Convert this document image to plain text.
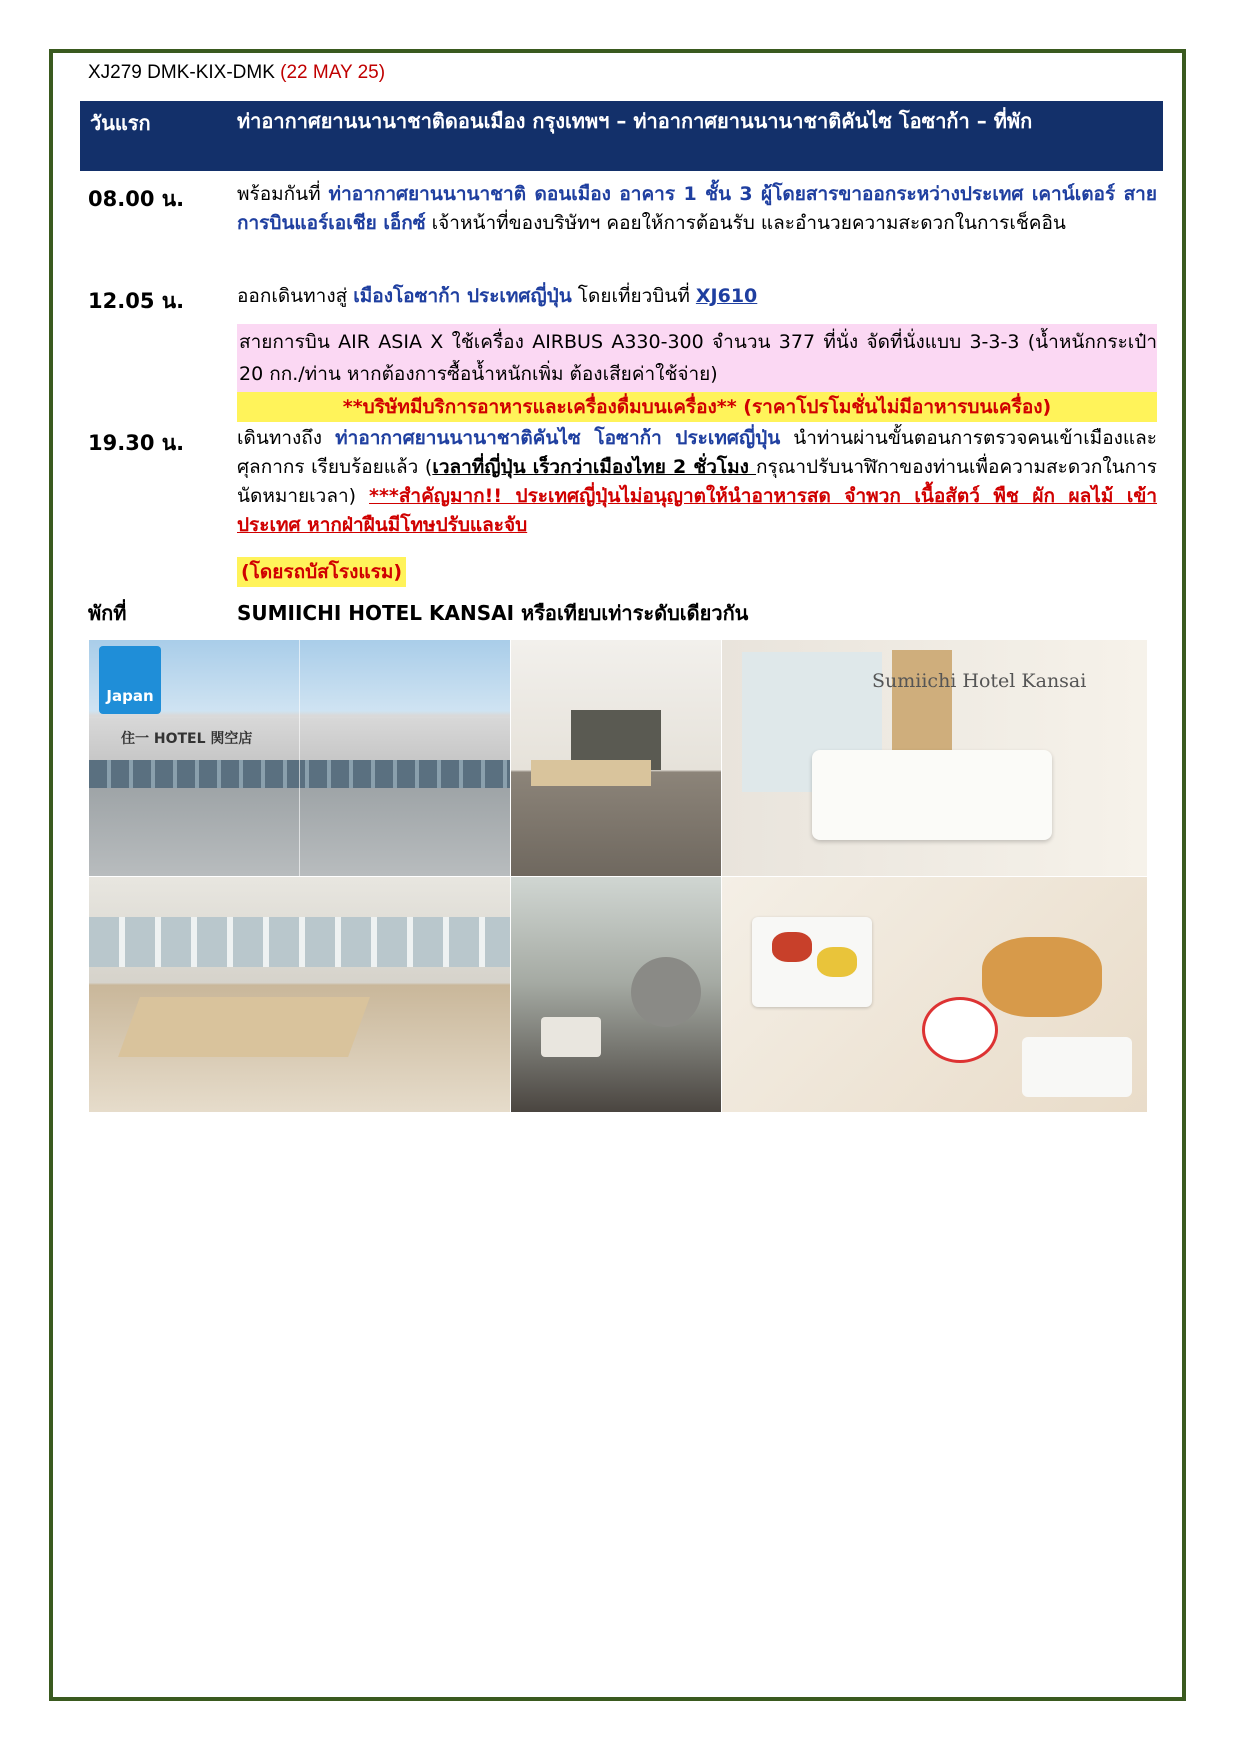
XJ279 DMK-KIX-DMK (22 MAY 25)
วันแรก	ท่าอากาศยานนานาชาติดอนเมือง กรุงเทพฯ – ท่าอากาศยานนานาชาติคันไซ โอซาก้า – ที่พัก
08.00 น.	พร้อมกันที่ ท่าอากาศยานนานาชาติ ดอนเมือง อาคาร 1 ชั้น 3 ผู้โดยสารขาออกระหว่างประเทศ เคาน์เตอร์ สายการบินแอร์เอเชีย เอ็กซ์ เจ้าหน้าที่ของบริษัทฯ คอยให้การต้อนรับ และอำนวยความสะดวกในการเช็คอิน
12.05 น.	ออกเดินทางสู่ เมืองโอซาก้า ประเทศญี่ปุ่น โดยเที่ยวบินที่ XJ610
สายการบิน AIR ASIA X ใช้เครื่อง AIRBUS A330-300 จำนวน 377 ที่นั่ง จัดที่นั่งแบบ 3-3-3 (น้ำหนักกระเป๋า 20 กก./ท่าน หากต้องการซื้อน้ำหนักเพิ่ม ต้องเสียค่าใช้จ่าย)
**บริษัทมีบริการอาหารและเครื่องดื่มบนเครื่อง** (ราคาโปรโมชั่นไม่มีอาหารบนเครื่อง)
19.30 น.	เดินทางถึง ท่าอากาศยานนานาชาติคันไซ โอซาก้า ประเทศญี่ปุ่น นำท่านผ่านขั้นตอนการตรวจคนเข้าเมืองและศุลกากร เรียบร้อยแล้ว (เวลาที่ญี่ปุ่น เร็วกว่าเมืองไทย 2 ชั่วโมง กรุณาปรับนาฬิกาของท่านเพื่อความสะดวกในการนัดหมายเวลา) ***สำคัญมาก!! ประเทศญี่ปุ่นไม่อนุญาตให้นำอาหารสด จำพวก เนื้อสัตว์ พืช ผัก ผลไม้ เข้าประเทศ หากฝ่าฝืนมีโทษปรับและจับ
(โดยรถบัสโรงแรม)
พักที่	SUMIICHI HOTEL KANSAI หรือเทียบเท่าระดับเดียวกัน
住一 HOTEL 関空店
Japan
Sumiichi Hotel Kansai
